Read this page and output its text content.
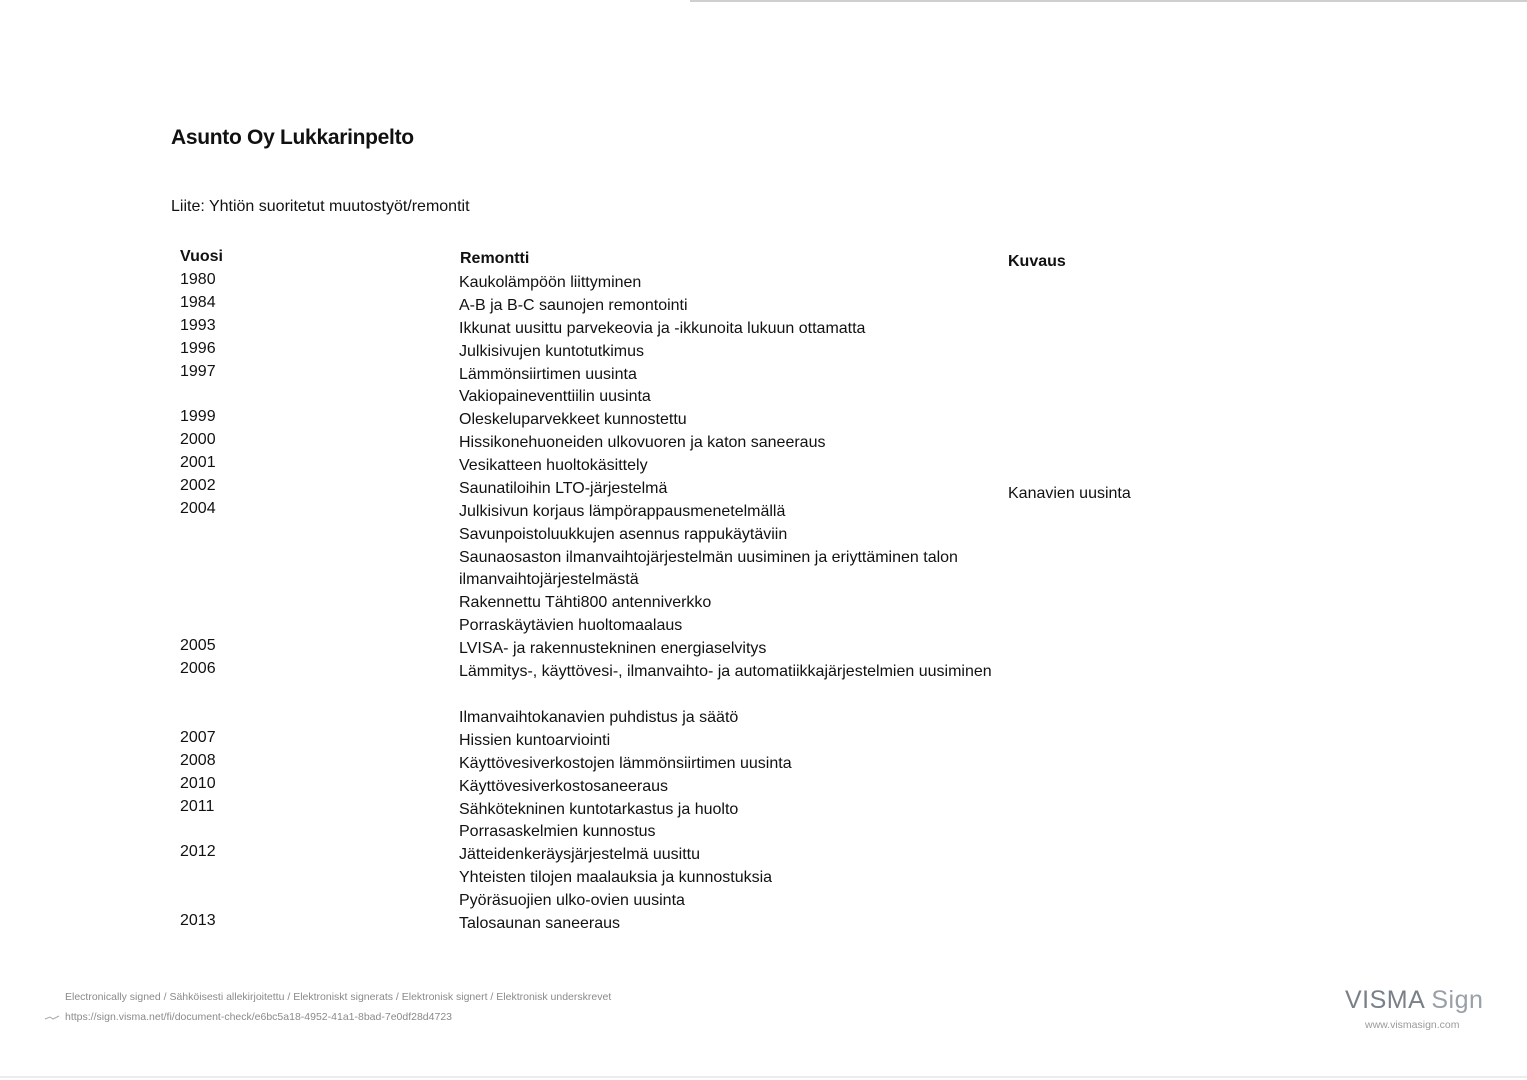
Asunto Oy Lukkarinpelto
Liite: Yhtiön suoritetut muutostyöt/remontit
Vuosi	Remontti	Kuvaus
1980	Kaukolämpöön liittyminen
1984	A-B ja B-C saunojen remontointi
1993	Ikkunat uusittu parvekeovia ja -ikkunoita lukuun ottamatta
1996	Julkisivujen kuntotutkimus
1997	Lämmönsiirtimen uusinta
Vakiopaineventtiilin uusinta
1999	Oleskeluparvekkeet kunnostettu
2000	Hissikonehuoneiden ulkovuoren ja katon saneeraus
2001	Vesikatteen huoltokäsittely
2002	Saunatiloihin LTO-järjestelmä	Kanavien uusinta
2004	Julkisivun korjaus lämpörappausmenetelmällä
Savunpoistoluukkujen asennus rappukäytäviin
Saunaosaston ilmanvaihtojärjestelmän uusiminen ja eriyttäminen talon ilmanvaihtojärjestelmästä
Rakennettu Tähti800 antenniverkko
Porraskäytävien huoltomaalaus
2005	LVISA- ja rakennustekninen energiaselvitys
2006	Lämmitys-, käyttövesi-, ilmanvaihto- ja automatiikkajärjestelmien uusiminen
Ilmanvaihtokanavien puhdistus ja säätö
2007	Hissien kuntoarviointi
2008	Käyttövesiverkostojen lämmönsiirtimen uusinta
2010	Käyttövesiverkostosaneeraus
2011	Sähkötekninen kuntotarkastus ja huolto
Porrasaskelmien kunnostus
2012	Jätteidenkeräysjärjestelmä uusittu
Yhteisten tilojen maalauksia ja kunnostuksia
Pyöräsuojien ulko-ovien uusinta
2013	Talosaunan saneeraus
Electronically signed / Sähköisesti allekirjoitettu / Elektroniskt signerats / Elektronisk signert / Elektronisk underskrevet
https://sign.visma.net/fi/document-check/e6bc5a18-4952-41a1-8bad-7e0df28d4723
VISMA Sign
www.vismasign.com
